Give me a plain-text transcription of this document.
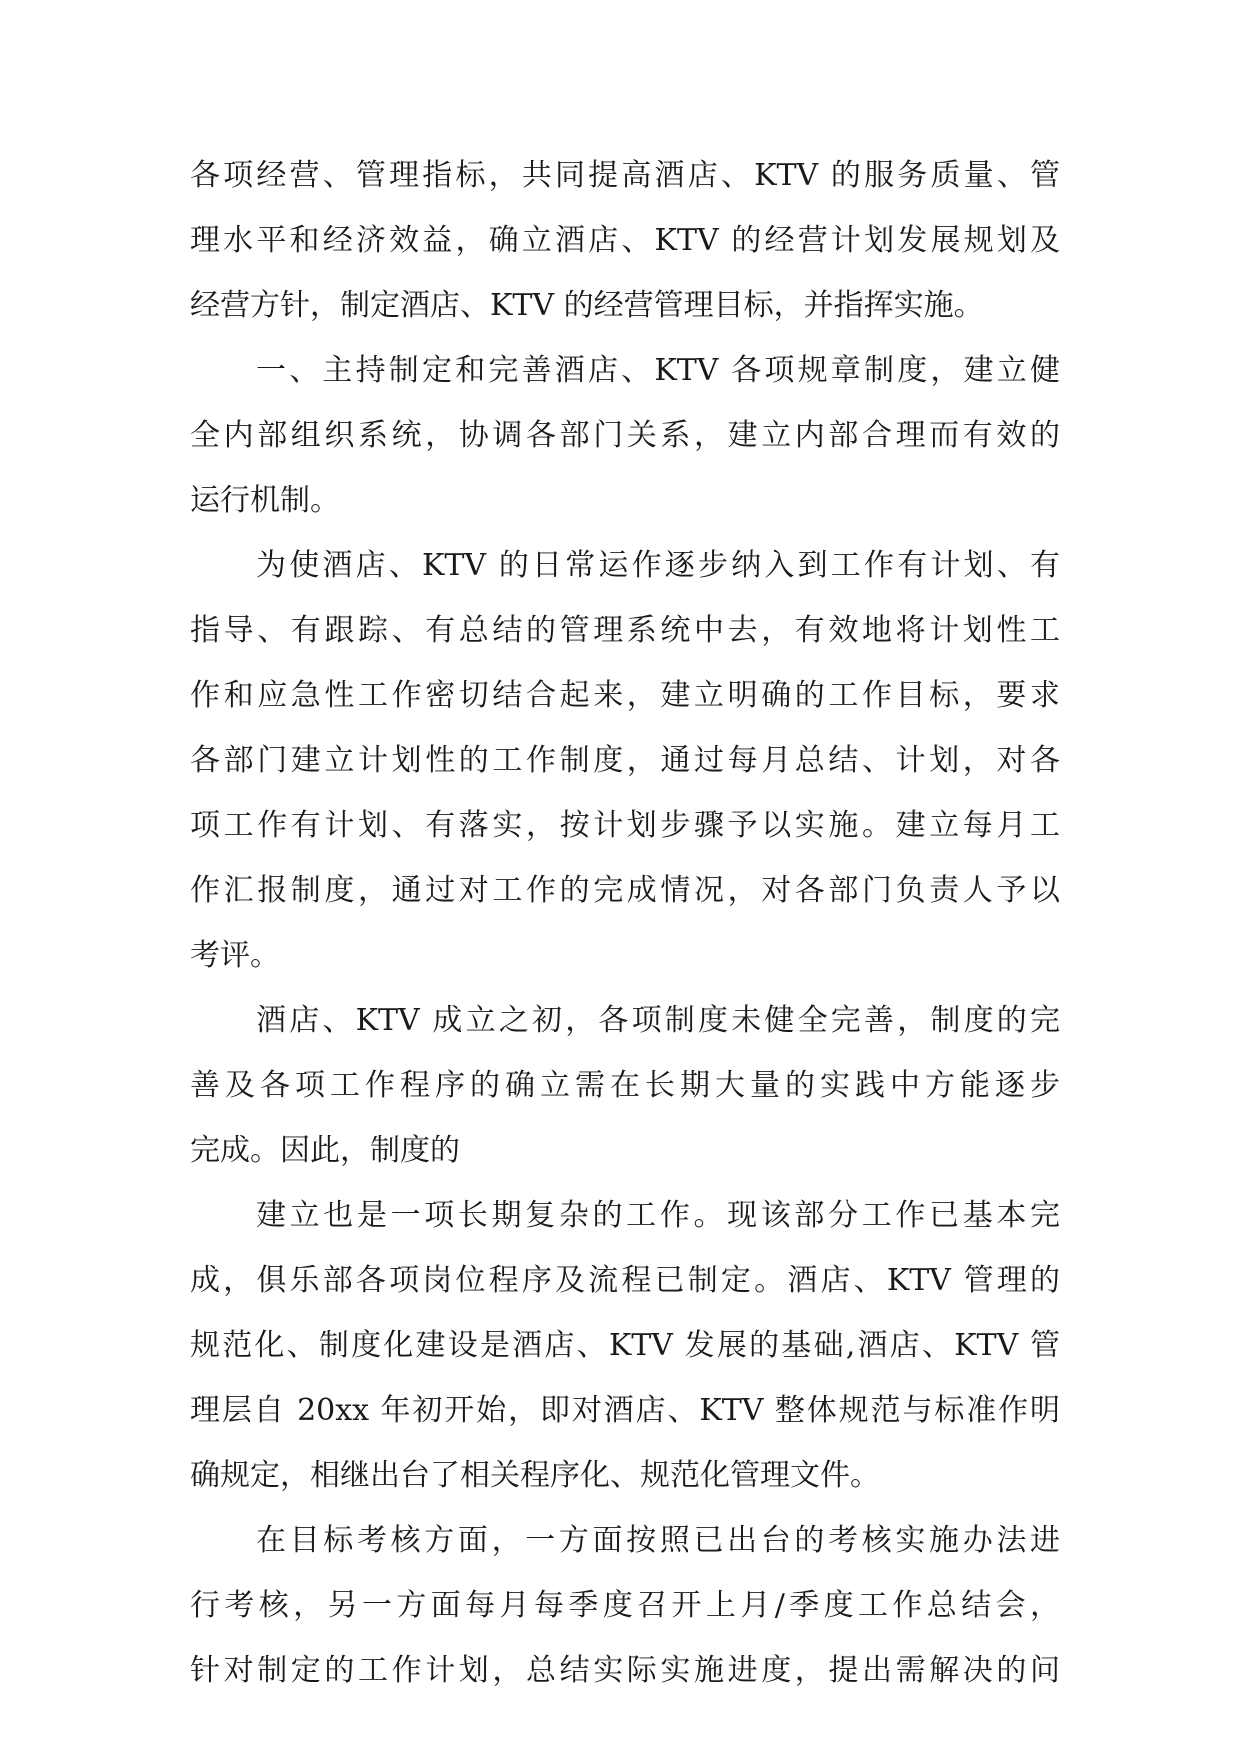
各项经营、管理指标，共同提高酒店、KTV 的服务质量、管
理水平和经济效益，确立酒店、KTV 的经营计划发展规划及
经营方针，制定酒店、KTV 的经营管理目标，并指挥实施。
一、主持制定和完善酒店、KTV 各项规章制度，建立健
全内部组织系统，协调各部门关系，建立内部合理而有效的
运行机制。
为使酒店、KTV 的日常运作逐步纳入到工作有计划、有
指导、有跟踪、有总结的管理系统中去，有效地将计划性工
作和应急性工作密切结合起来，建立明确的工作目标，要求
各部门建立计划性的工作制度，通过每月总结、计划，对各
项工作有计划、有落实，按计划步骤予以实施。建立每月工
作汇报制度，通过对工作的完成情况，对各部门负责人予以
考评。
酒店、KTV 成立之初，各项制度未健全完善，制度的完
善及各项工作程序的确立需在长期大量的实践中方能逐步
完成。因此，制度的
建立也是一项长期复杂的工作。现该部分工作已基本完
成，俱乐部各项岗位程序及流程已制定。酒店、KTV 管理的
规范化、制度化建设是酒店、KTV 发展的基础,酒店、KTV 管
理层自 20xx 年初开始，即对酒店、KTV 整体规范与标准作明
确规定，相继出台了相关程序化、规范化管理文件。
在目标考核方面，一方面按照已出台的考核实施办法进
行考核，另一方面每月每季度召开上月/季度工作总结会，
针对制定的工作计划，总结实际实施进度，提出需解决的问
